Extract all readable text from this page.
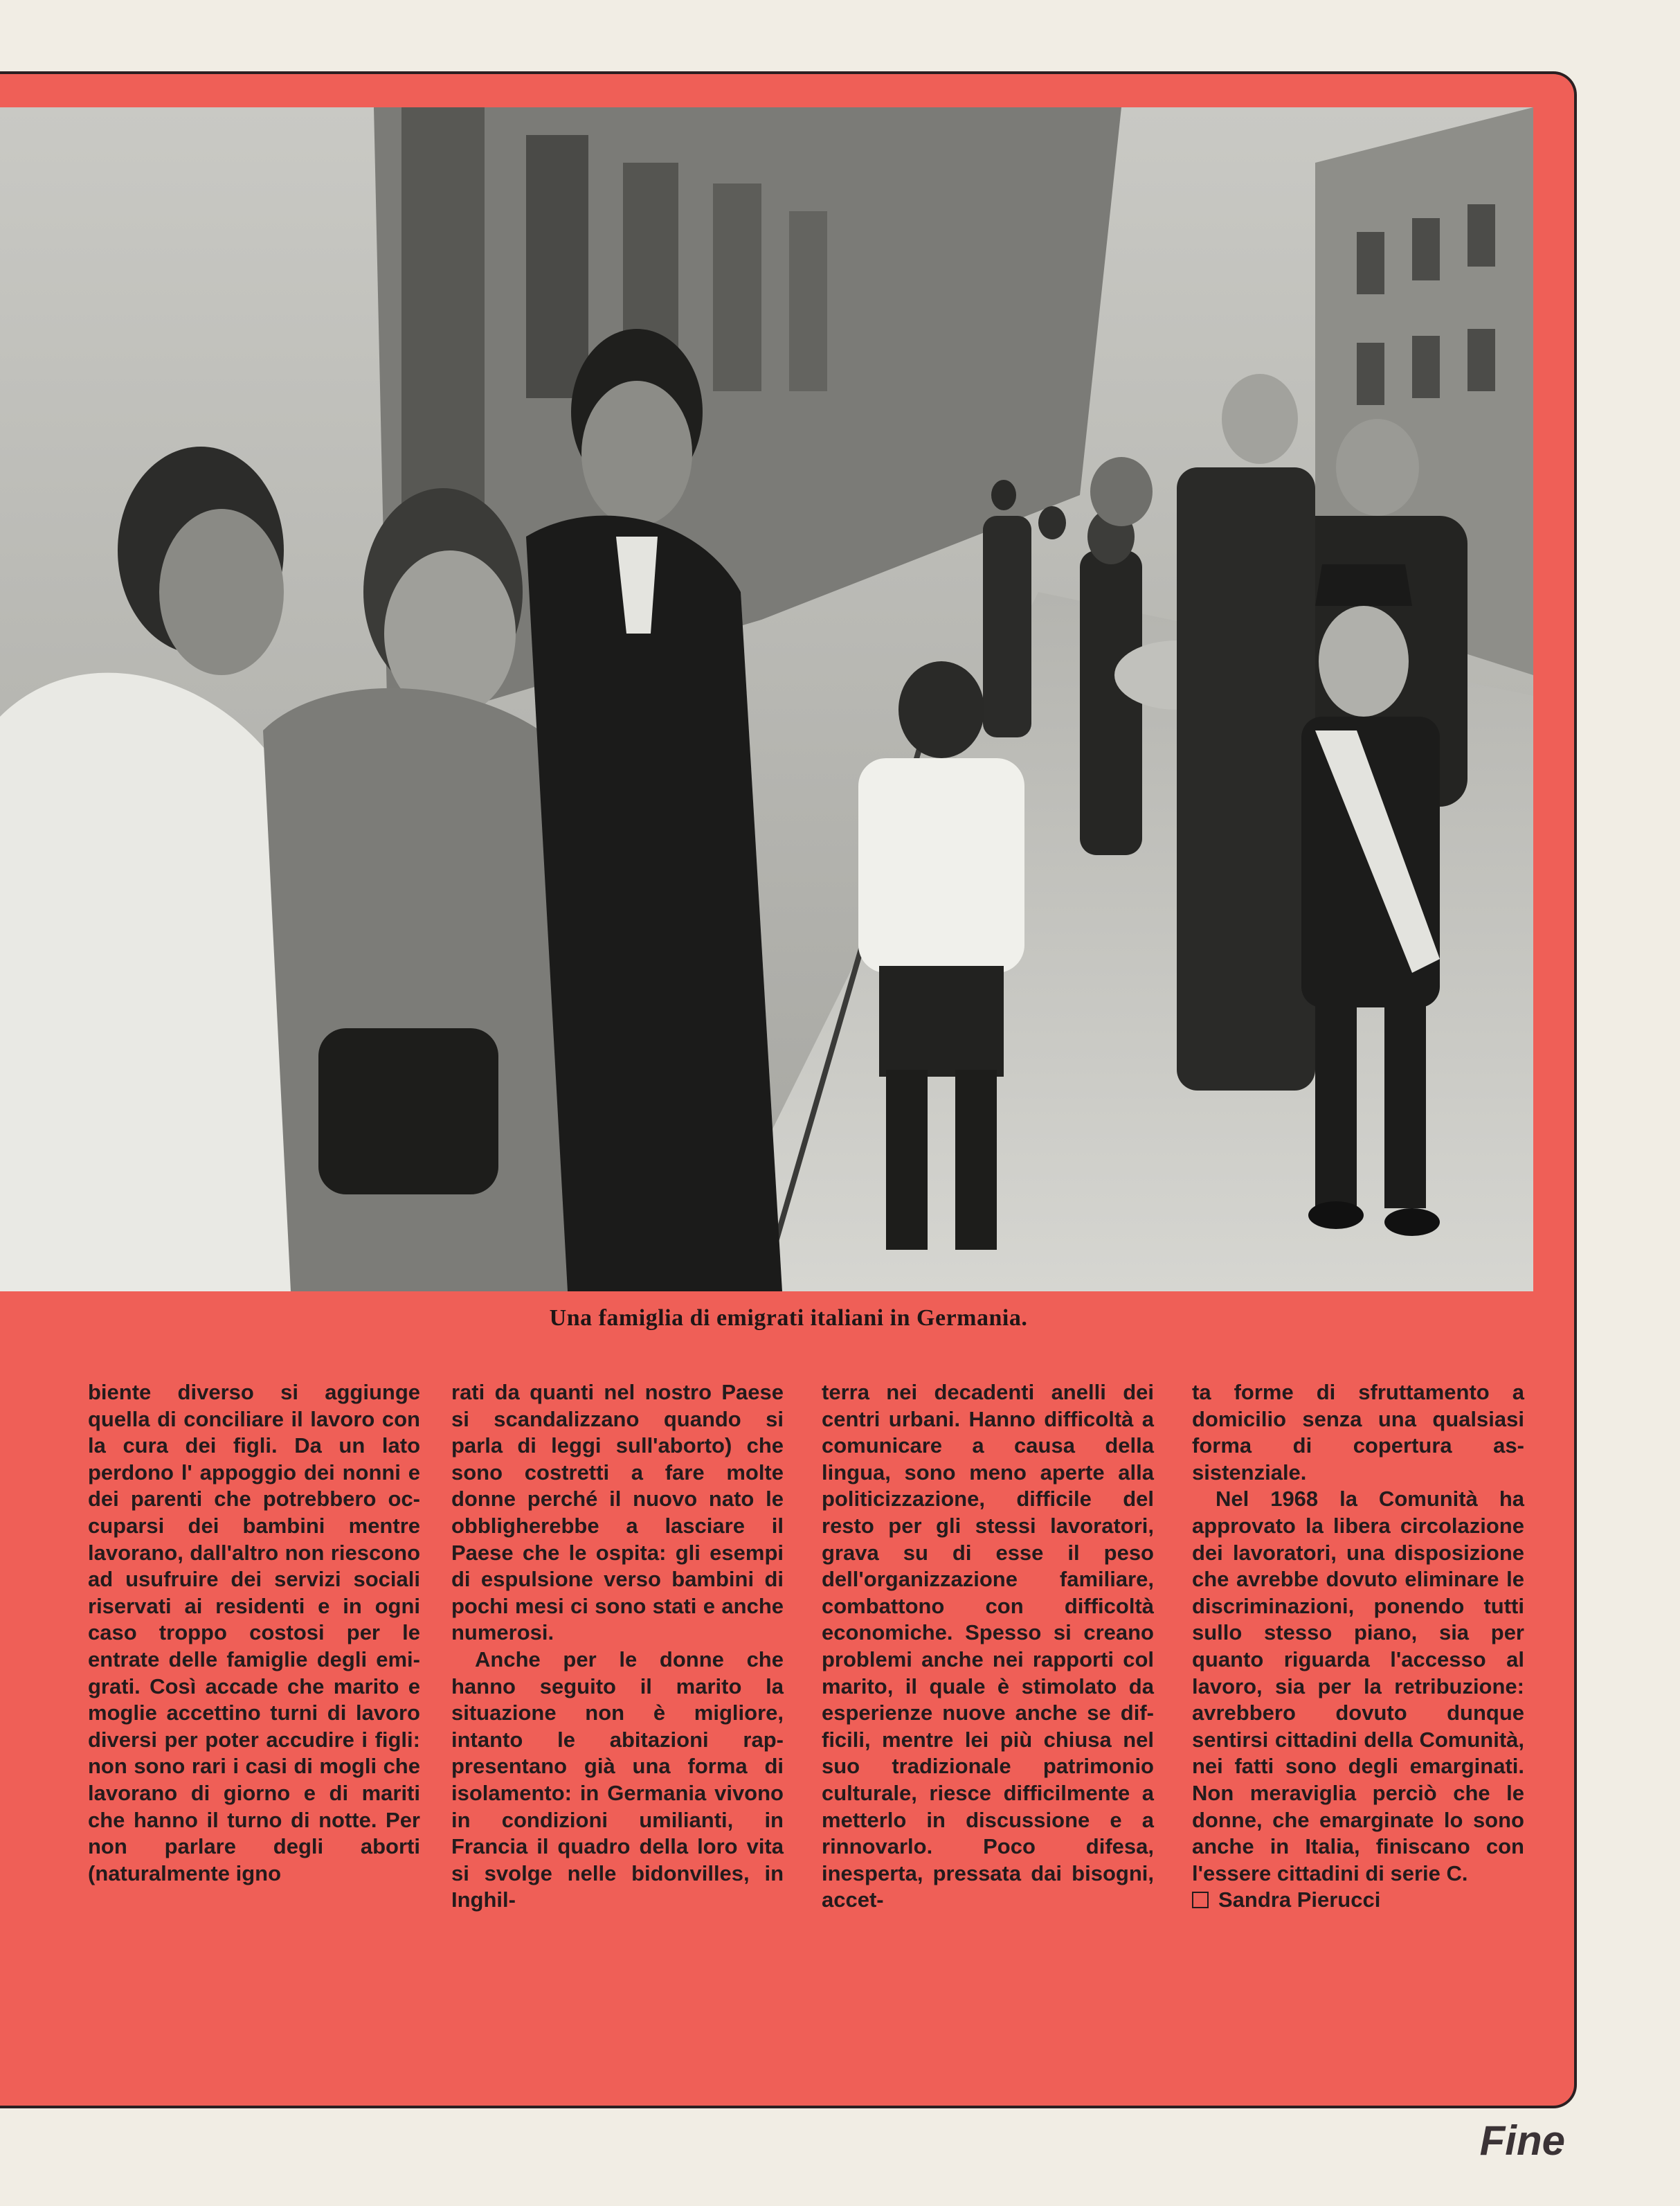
Una famiglia di emigrati italiani in Germania.

biente diverso si aggiunge quella di conciliare il lavoro con la cura dei figli. Da un lato perdono l' appoggio dei nonni e dei parenti che potrebbero occuparsi dei bambini mentre lavorano, dall'altro non riescono ad usufruire dei servizi sociali riservati ai residenti e in ogni caso troppo costosi per le entrate delle famiglie degli emigrati. Così accade che marito e moglie accettino turni di lavoro diversi per poter accudire i figli: non sono rari i casi di mogli che lavorano di giorno e di mariti che hanno il turno di notte. Per non parlare degli aborti (naturalmente igno

rati da quanti nel nostro Paese si scandalizzano quando si parla di leggi sull'aborto) che sono costretti a fare molte donne perché il nuovo nato le obbligherebbe a lasciare il Paese che le ospita: gli esempi di espulsione verso bambini di pochi mesi ci sono stati e anche numerosi.

Anche per le donne che hanno seguito il marito la situazione non è migliore, intanto le abitazioni rappresentano già una forma di isolamento: in Germania vivono in condizioni umilianti, in Francia il quadro della loro vita si svolge nelle bidonvilles, in Inghil-

terra nei decadenti anelli dei centri urbani. Hanno difficoltà a comunicare a causa della lingua, sono meno aperte alla politicizzazione, difficile del resto per gli stessi lavoratori, grava su di esse il peso dell'organizzazione familiare, combattono con difficoltà economiche. Spesso si creano problemi anche nei rapporti col marito, il quale è stimolato da esperienze nuove anche se difficili, mentre lei più chiusa nel suo tradizionale patrimonio culturale, riesce difficilmente a metterlo in discussione e a rinnovarlo. Poco difesa, inesperta, pressata dai bisogni, accet-

ta forme di sfruttamento a domicilio senza una qualsiasi forma di copertura assistenziale.

Nel 1968 la Comunità ha approvato la libera circolazione dei lavoratori, una disposizione che avrebbe dovuto eliminare le discriminazioni, ponendo tutti sullo stesso piano, sia per quanto riguarda l'accesso al lavoro, sia per la retribuzione: avrebbero dovuto dunque sentirsi cittadini della Comunità, nei fatti sono degli emarginati. Non meraviglia perciò che le donne, che emarginate lo sono anche in Italia, finiscano con l'essere cittadini di serie C.

Sandra Pierucci

Fine
